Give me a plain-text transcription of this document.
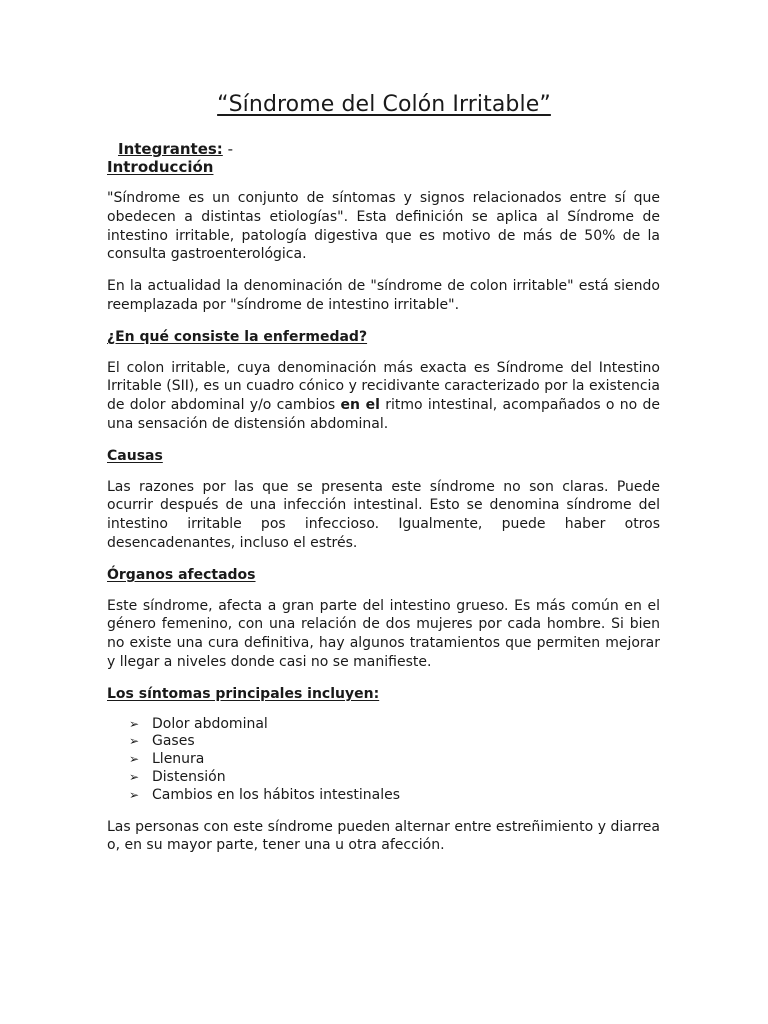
“Síndrome del Colón Irritable”
Integrantes: -
Introducción

"Síndrome es un conjunto de síntomas y signos relacionados entre sí que obedecen a distintas etiologías". Esta definición se aplica al Síndrome de intestino irritable, patología digestiva que es motivo de más de 50% de la consulta gastroenterológica.

En la actualidad la denominación de "síndrome de colon irritable" está siendo reemplazada por "síndrome de intestino irritable".

¿En qué consiste la enfermedad?

El colon irritable, cuya denominación más exacta es Síndrome del Intestino Irritable (SII), es un cuadro cónico y recidivante caracterizado por la existencia de dolor abdominal y/o cambios en el ritmo intestinal, acompañados o no de una sensación de distensión abdominal.

Causas

Las razones por las que se presenta este síndrome no son claras. Puede ocurrir después de una infección intestinal. Esto se denomina síndrome del intestino irritable pos infeccioso. Igualmente, puede haber otros desencadenantes, incluso el estrés.

Órganos afectados

Este síndrome, afecta a gran parte del intestino grueso. Es más común en el género femenino, con una relación de dos mujeres por cada hombre. Si bien no existe una cura definitiva, hay algunos tratamientos que permiten mejorar y llegar a niveles donde casi no se manifieste.

Los síntomas principales incluyen:
➢ Dolor abdominal
➢ Gases
➢ Llenura
➢ Distensión
➢ Cambios en los hábitos intestinales

Las personas con este síndrome pueden alternar entre estreñimiento y diarrea o, en su mayor parte, tener una u otra afección.
